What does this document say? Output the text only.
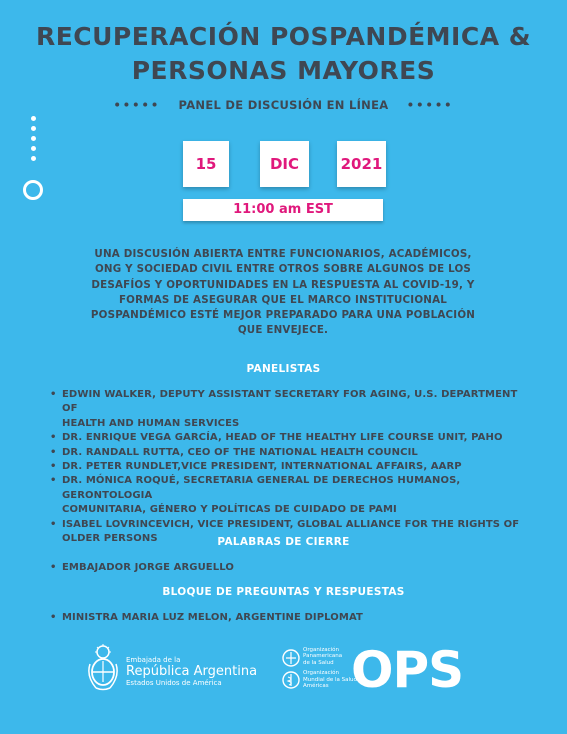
RECUPERACIÓN POSPANDÉMICA &
PERSONAS MAYORES
••••• PANEL DE DISCUSIÓN EN LÍNEA •••••
15	DIC	2021
11:00 am EST
UNA DISCUSIÓN ABIERTA ENTRE FUNCIONARIOS, ACADÉMICOS,
ONG Y SOCIEDAD CIVIL ENTRE OTROS SOBRE ALGUNOS DE LOS
DESAFÍOS Y OPORTUNIDADES EN LA RESPUESTA AL COVID-19, Y
FORMAS DE ASEGURAR QUE EL MARCO INSTITUCIONAL
POSPANDÉMICO ESTÉ MEJOR PREPARADO PARA UNA POBLACIÓN
QUE ENVEJECE.
PANELISTAS
• EDWIN WALKER, DEPUTY ASSISTANT SECRETARY FOR AGING, U.S. DEPARTMENT OF
HEALTH AND HUMAN SERVICES
• DR. ENRIQUE VEGA GARCÍA, HEAD OF THE HEALTHY LIFE COURSE UNIT, PAHO
• DR. RANDALL RUTTA, CEO OF THE NATIONAL HEALTH COUNCIL
• DR. PETER RUNDLET,VICE PRESIDENT, INTERNATIONAL AFFAIRS, AARP
• DR. MÓNICA ROQUÉ, SECRETARIA GENERAL DE DERECHOS HUMANOS, GERONTOLOGIA
COMUNITARIA, GÉNERO Y POLÍTICAS DE CUIDADO DE PAMI
• ISABEL LOVRINCEVICH, VICE PRESIDENT, GLOBAL ALLIANCE FOR THE RIGHTS OF
OLDER PERSONS	PALABRAS DE CIERRE
• EMBAJADOR JORGE ARGUELLO
BLOQUE DE PREGUNTAS Y RESPUESTAS
• MINISTRA MARIA LUZ MELON, ARGENTINE DIPLOMAT
Embajada de la
República Argentina
Estados Unidos de América
Organización
Panamericana
de la Salud
Organización
Mundial de la Salud
Américas OPS
